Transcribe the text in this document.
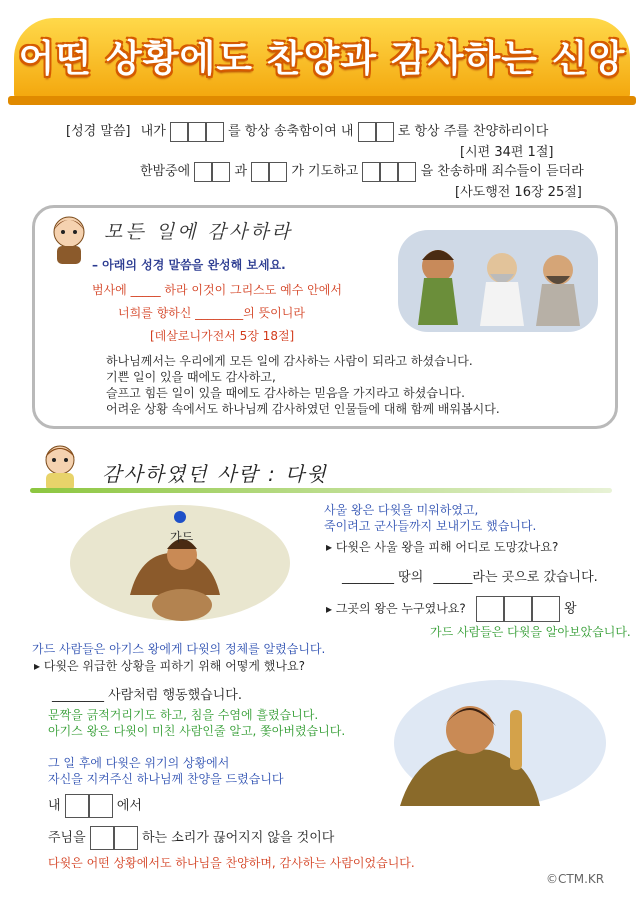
어떤 상황에도 찬양과 감사하는 신앙
[성경 말씀] 내가	를 항상 송축함이여 내	로 항상 주를 찬양하리이다
[시편 34편 1절]
한밤중에	과	가 기도하고	을 찬송하매 죄수들이 듣더라
[사도행전 16장 25절]
모든 일에 감사하라
– 아래의 성경 말씀을 완성해 보세요.
범사에 _____ 하라 이것이 그리스도 예수 안에서
너희를 향하신 ________의 뜻이니라
[데살로니가전서 5장 18절]
하나님께서는 우리에게 모든 일에 감사하는 사람이 되라고 하셨습니다.
기쁜 일이 있을 때에도 감사하고,
슬프고 힘든 일이 있을 때에도 감사하는 믿음을 가지라고 하셨습니다.
어려운 상황 속에서도 하나님께 감사하였던 인물들에 대해 함께 배워봅시다.
감사하였던 사람 : 다윗
가드
사울 왕은 다윗을 미워하였고,
죽이려고 군사들까지 보내기도 했습니다.
▸ 다윗은 사울 왕을 피해 어디로 도망갔나요?
________ 땅의 ______라는 곳으로 갔습니다.
▸ 그곳의 왕은 누구였나요?	왕
가드 사람들은 다윗을 알아보았습니다.
가드 사람들은 아기스 왕에게 다윗의 정체를 알렸습니다.
▸ 다윗은 위급한 상황을 피하기 위해 어떻게 했나요?
________ 사람처럼 행동했습니다.
문짝을 긁적거리기도 하고, 침을 수염에 흘렸습니다.
아기스 왕은 다윗이 미친 사람인줄 알고, 쫓아버렸습니다.
그 일 후에 다윗은 위기의 상황에서
자신을 지켜주신 하나님께 찬양을 드렸습니다
내	에서
주님을	하는 소리가 끊어지지 않을 것이다
다윗은 어떤 상황에서도 하나님을 찬양하며, 감사하는 사람이었습니다.
©CTM.KR
